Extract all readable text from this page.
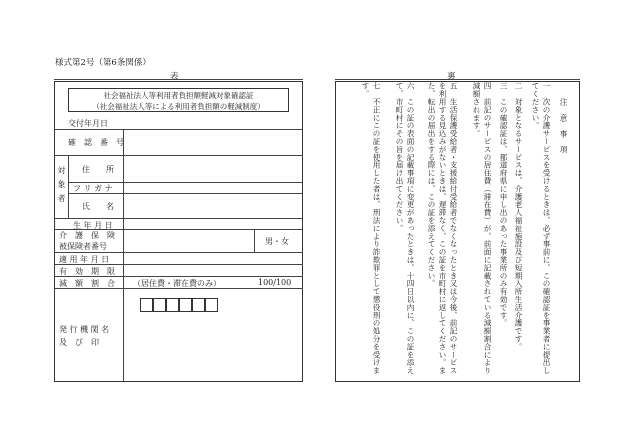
様式第2号（第6条関係）
表	裏
社会福祉法人等利用者負担額軽減対象確認証
（社会福祉法人等による利用者負担額の軽減制度）
交付年月日
確　認　番　号
対象者 住　　所
フ リ ガ ナ
氏　　名
生 年 月 日
介　護　保　険
被保険者番号
男・女
適 用 年 月 日
有　効　期　限
減　額　割　合 （居住費・滞在費のみ）	100/100
発 行 機 関 名
及　び　印
注　意　事　項
一　次の介護サービスを受けるときは、必ず事前に、この確認証を事業者に提出してください。
二　対象となるサービスは、介護老人福祉施設及び短期入所生活介護です。
三　この確認証は、都道府県に申し出のあった事業所のみ有効です。
四　前記のサービスの居住費（滞在費）が、前面に記載されている減額割合により減額されます。
五　生活保護受給者・支援給付受給者でなくなったとき又は今後、前記のサービスを利用する見込みがないときは、遅滞なく、この証を市町村に返してください。また、転出の届出をする際には、この証を添えてください。
六　この証の表面の記載事項に変更があったときは、十四日以内に、この証を添えて、市町村にその旨を届け出てください。
七　不正にこの証を使用した者は、刑法により詐欺罪として懲役刑の処分を受けます。
